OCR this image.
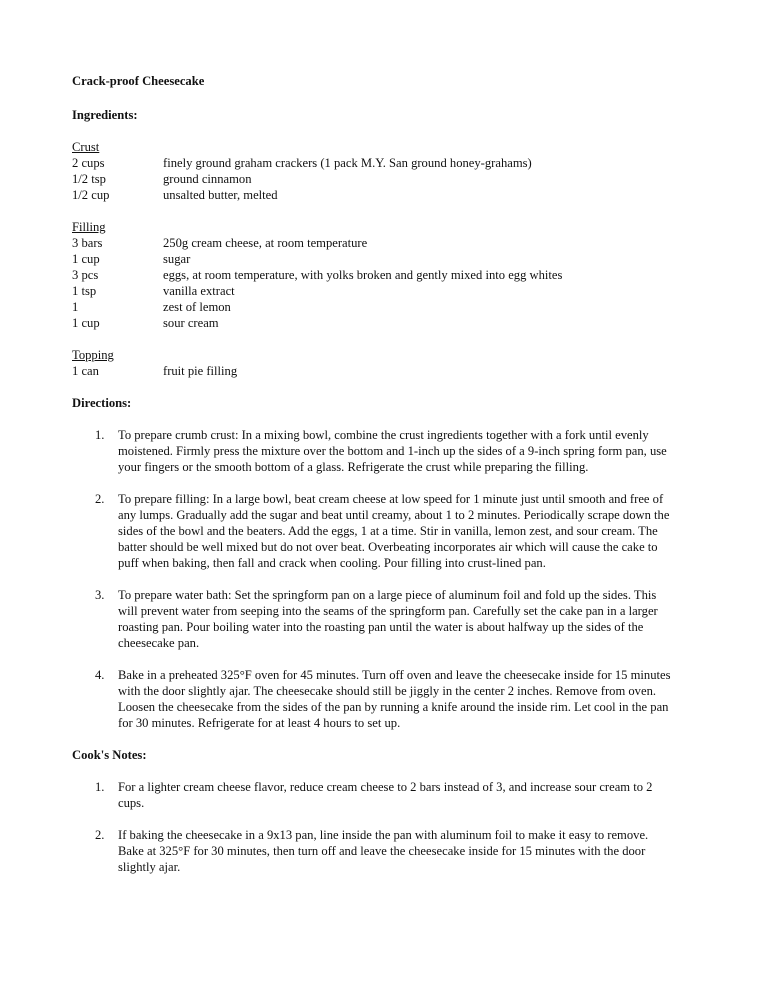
Crack-proof Cheesecake

Ingredients:

Crust

2 cups	finely ground graham crackers (1 pack M.Y. San ground honey-grahams)
1/2 tsp	ground cinnamon
1/2 cup	unsalted butter, melted

Filling

3 bars	250g cream cheese, at room temperature
1 cup	sugar
3 pcs	eggs, at room temperature, with yolks broken and gently mixed into egg whites
1 tsp	vanilla extract
1	zest of lemon
1 cup	sour cream

Topping

1 can	fruit pie filling

Directions:

1.	To prepare crumb crust: In a mixing bowl, combine the crust ingredients together with a fork until evenly moistened. Firmly press the mixture over the bottom and 1-inch up the sides of a 9-inch spring form pan, use your fingers or the smooth bottom of a glass. Refrigerate the crust while preparing the filling.
2.	To prepare filling: In a large bowl, beat cream cheese at low speed for 1 minute just until smooth and free of any lumps. Gradually add the sugar and beat until creamy, about 1 to 2 minutes. Periodically scrape down the sides of the bowl and the beaters. Add the eggs, 1 at a time. Stir in vanilla, lemon zest, and sour cream. The batter should be well mixed but do not over beat. Overbeating incorporates air which will cause the cake to puff when baking, then fall and crack when cooling. Pour filling into crust-lined pan.
3.	To prepare water bath: Set the springform pan on a large piece of aluminum foil and fold up the sides. This will prevent water from seeping into the seams of the springform pan. Carefully set the cake pan in a larger roasting pan. Pour boiling water into the roasting pan until the water is about halfway up the sides of the cheesecake pan.
4.	Bake in a preheated 325°F oven for 45 minutes. Turn off oven and leave the cheesecake inside for 15 minutes with the door slightly ajar. The cheesecake should still be jiggly in the center 2 inches. Remove from oven. Loosen the cheesecake from the sides of the pan by running a knife around the inside rim. Let cool in the pan for 30 minutes. Refrigerate for at least 4 hours to set up.

Cook's Notes:

1.	For a lighter cream cheese flavor, reduce cream cheese to 2 bars instead of 3, and increase sour cream to 2 cups.
2.	If baking the cheesecake in a 9x13 pan, line inside the pan with aluminum foil to make it easy to remove. Bake at 325°F for 30 minutes, then turn off and leave the cheesecake inside for 15 minutes with the door slightly ajar.
